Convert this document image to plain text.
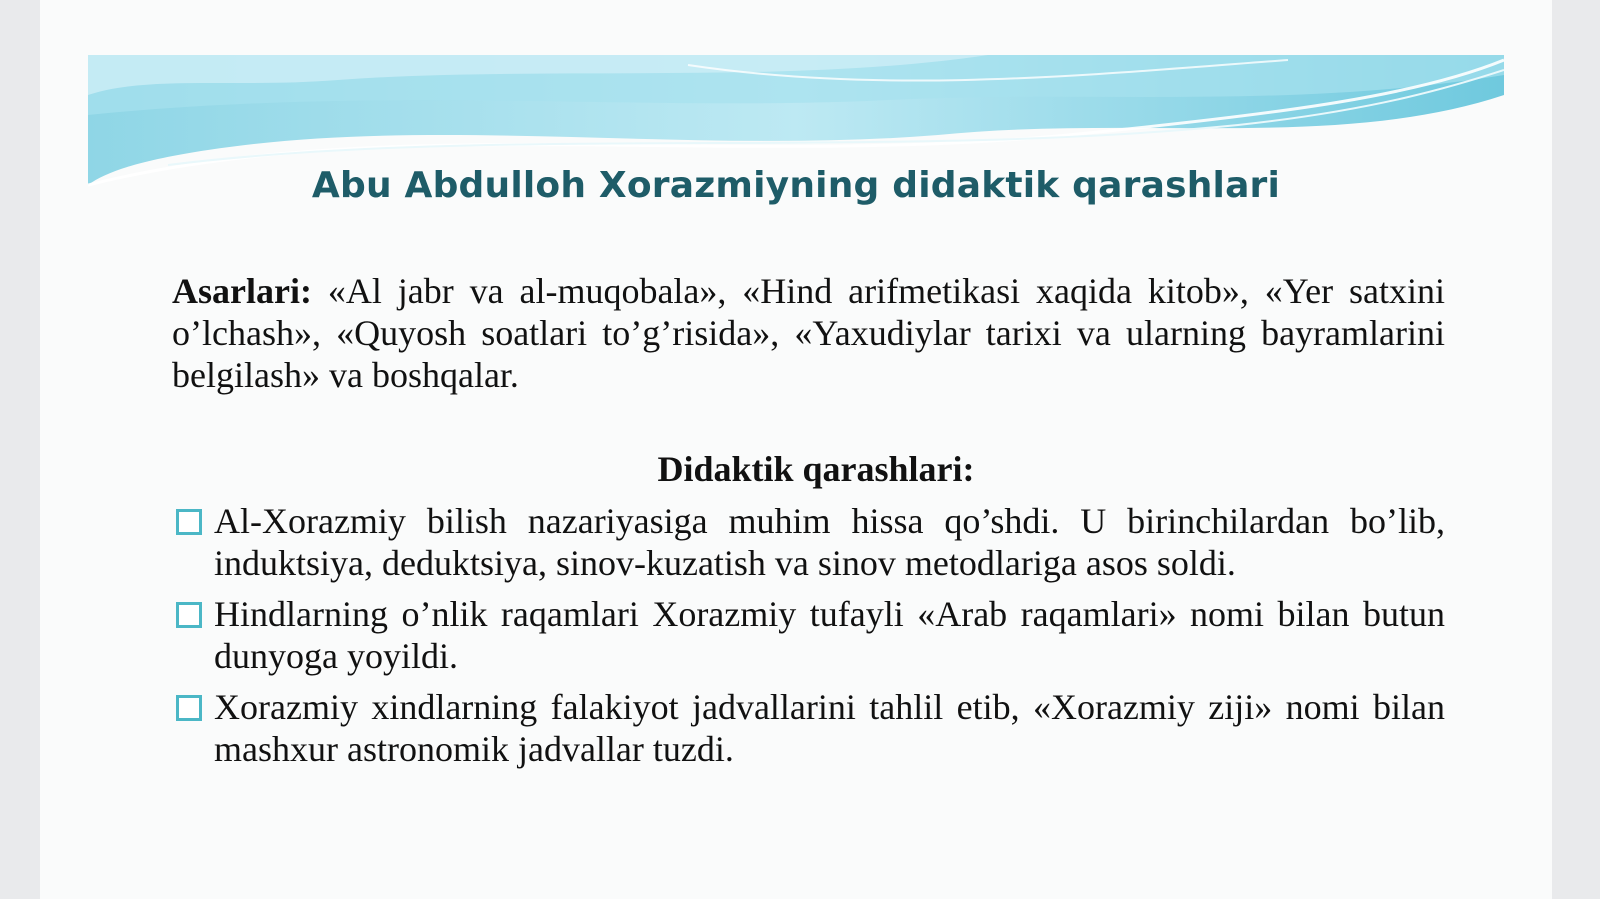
Abu Abdulloh Xorazmiyning didaktik qarashlari
Asarlari: «Al jabr va al-muqobala», «Hind arifmetikasi xaqida kitob», «Yer satxini o’lchash», «Quyosh soatlari to’g’risida», «Yaxudiylar tarixi va ularning bayramlarini belgilash» va boshqalar.
Didaktik qarashlari:
Al-Xorazmiy bilish nazariyasiga muhim hissa qo’shdi. U birinchilardan bo’lib, induktsiya, deduktsiya, sinov-kuzatish va sinov metodlariga asos soldi.
Hindlarning o’nlik raqamlari Xorazmiy tufayli «Arab raqamlari» nomi bilan butun dunyoga yoyildi.
Xorazmiy xindlarning falakiyot jadvallarini tahlil etib, «Xorazmiy ziji» nomi bilan mashxur astronomik jadvallar tuzdi.
